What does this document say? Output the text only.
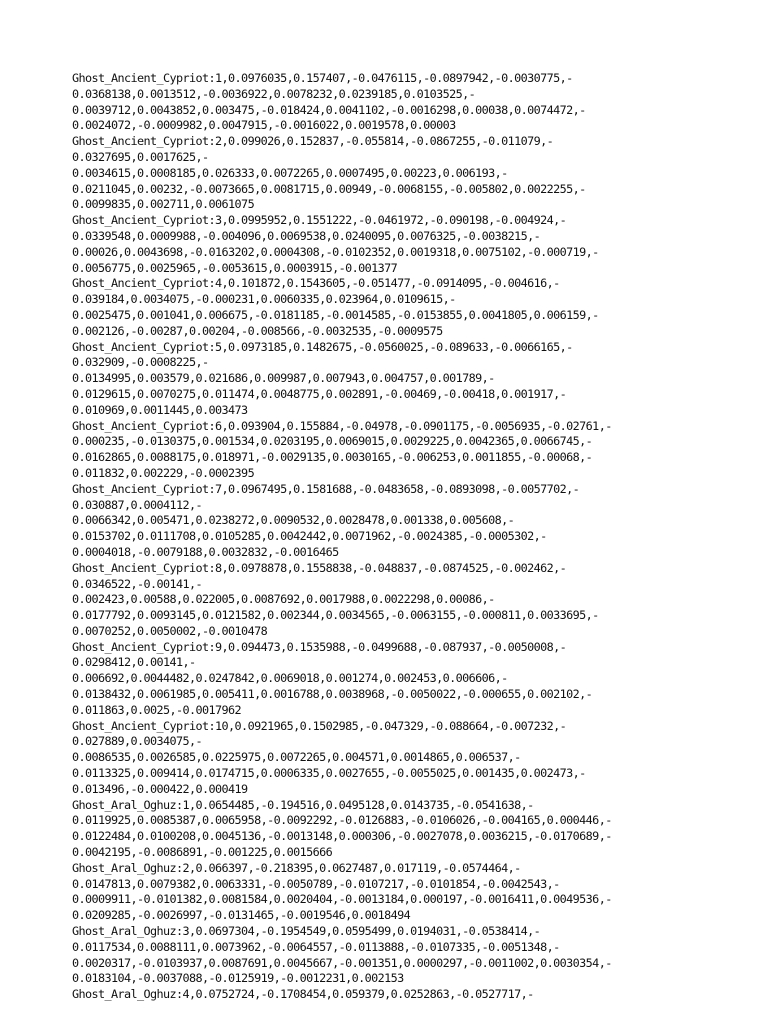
Ghost_Ancient_Cypriot:1,0.0976035,0.157407,-0.0476115,-0.0897942,-0.0030775,-
0.0368138,0.0013512,-0.0036922,0.0078232,0.0239185,0.0103525,-
0.0039712,0.0043852,0.003475,-0.018424,0.0041102,-0.0016298,0.00038,0.0074472,-
0.0024072,-0.0009982,0.0047915,-0.0016022,0.0019578,0.00003
Ghost_Ancient_Cypriot:2,0.099026,0.152837,-0.055814,-0.0867255,-0.011079,-
0.0327695,0.0017625,-
0.0034615,0.0008185,0.026333,0.0072265,0.0007495,0.00223,0.006193,-
0.0211045,0.00232,-0.0073665,0.0081715,0.00949,-0.0068155,-0.005802,0.0022255,-
0.0099835,0.002711,0.0061075
Ghost_Ancient_Cypriot:3,0.0995952,0.1551222,-0.0461972,-0.090198,-0.004924,-
0.0339548,0.0009988,-0.004096,0.0069538,0.0240095,0.0076325,-0.0038215,-
0.00026,0.0043698,-0.0163202,0.0004308,-0.0102352,0.0019318,0.0075102,-0.000719,-
0.0056775,0.0025965,-0.0053615,0.0003915,-0.001377
Ghost_Ancient_Cypriot:4,0.101872,0.1543605,-0.051477,-0.0914095,-0.004616,-
0.039184,0.0034075,-0.000231,0.0060335,0.023964,0.0109615,-
0.0025475,0.001041,0.006675,-0.0181185,-0.0014585,-0.0153855,0.0041805,0.006159,-
0.002126,-0.00287,0.00204,-0.008566,-0.0032535,-0.0009575
Ghost_Ancient_Cypriot:5,0.0973185,0.1482675,-0.0560025,-0.089633,-0.0066165,-
0.032909,-0.0008225,-
0.0134995,0.003579,0.021686,0.009987,0.007943,0.004757,0.001789,-
0.0129615,0.0070275,0.011474,0.0048775,0.002891,-0.00469,-0.00418,0.001917,-
0.010969,0.0011445,0.003473
Ghost_Ancient_Cypriot:6,0.093904,0.155884,-0.04978,-0.0901175,-0.0056935,-0.02761,-
0.000235,-0.0130375,0.001534,0.0203195,0.0069015,0.0029225,0.0042365,0.0066745,-
0.0162865,0.0088175,0.018971,-0.0029135,0.0030165,-0.006253,0.0011855,-0.00068,-
0.011832,0.002229,-0.0002395
Ghost_Ancient_Cypriot:7,0.0967495,0.1581688,-0.0483658,-0.0893098,-0.0057702,-
0.030887,0.0004112,-
0.0066342,0.005471,0.0238272,0.0090532,0.0028478,0.001338,0.005608,-
0.0153702,0.0111708,0.0105285,0.0042442,0.0071962,-0.0024385,-0.0005302,-
0.0004018,-0.0079188,0.0032832,-0.0016465
Ghost_Ancient_Cypriot:8,0.0978878,0.1558838,-0.048837,-0.0874525,-0.002462,-
0.0346522,-0.00141,-
0.002423,0.00588,0.022005,0.0087692,0.0017988,0.0022298,0.00086,-
0.0177792,0.0093145,0.0121582,0.002344,0.0034565,-0.0063155,-0.000811,0.0033695,-
0.0070252,0.0050002,-0.0010478
Ghost_Ancient_Cypriot:9,0.094473,0.1535988,-0.0499688,-0.087937,-0.0050008,-
0.0298412,0.00141,-
0.006692,0.0044482,0.0247842,0.0069018,0.001274,0.002453,0.006606,-
0.0138432,0.0061985,0.005411,0.0016788,0.0038968,-0.0050022,-0.000655,0.002102,-
0.011863,0.0025,-0.0017962
Ghost_Ancient_Cypriot:10,0.0921965,0.1502985,-0.047329,-0.088664,-0.007232,-
0.027889,0.0034075,-
0.0086535,0.0026585,0.0225975,0.0072265,0.004571,0.0014865,0.006537,-
0.0113325,0.009414,0.0174715,0.0006335,0.0027655,-0.0055025,0.001435,0.002473,-
0.013496,-0.000422,0.000419
Ghost_Aral_Oghuz:1,0.0654485,-0.194516,0.0495128,0.0143735,-0.0541638,-
0.0119925,0.0085387,0.0065958,-0.0092292,-0.0126883,-0.0106026,-0.004165,0.000446,-
0.0122484,0.0100208,0.0045136,-0.0013148,0.000306,-0.0027078,0.0036215,-0.0170689,-
0.0042195,-0.0086891,-0.001225,0.0015666
Ghost_Aral_Oghuz:2,0.066397,-0.218395,0.0627487,0.017119,-0.0574464,-
0.0147813,0.0079382,0.0063331,-0.0050789,-0.0107217,-0.0101854,-0.0042543,-
0.0009911,-0.0101382,0.0081584,0.0020404,-0.0013184,0.000197,-0.0016411,0.0049536,-
0.0209285,-0.0026997,-0.0131465,-0.0019546,0.0018494
Ghost_Aral_Oghuz:3,0.0697304,-0.1954549,0.0595499,0.0194031,-0.0538414,-
0.0117534,0.0088111,0.0073962,-0.0064557,-0.0113888,-0.0107335,-0.0051348,-
0.0020317,-0.0103937,0.0087691,0.0045667,-0.001351,0.0000297,-0.0011002,0.0030354,-
0.0183104,-0.0037088,-0.0125919,-0.0012231,0.002153
Ghost_Aral_Oghuz:4,0.0752724,-0.1708454,0.059379,0.0252863,-0.0527717,-
